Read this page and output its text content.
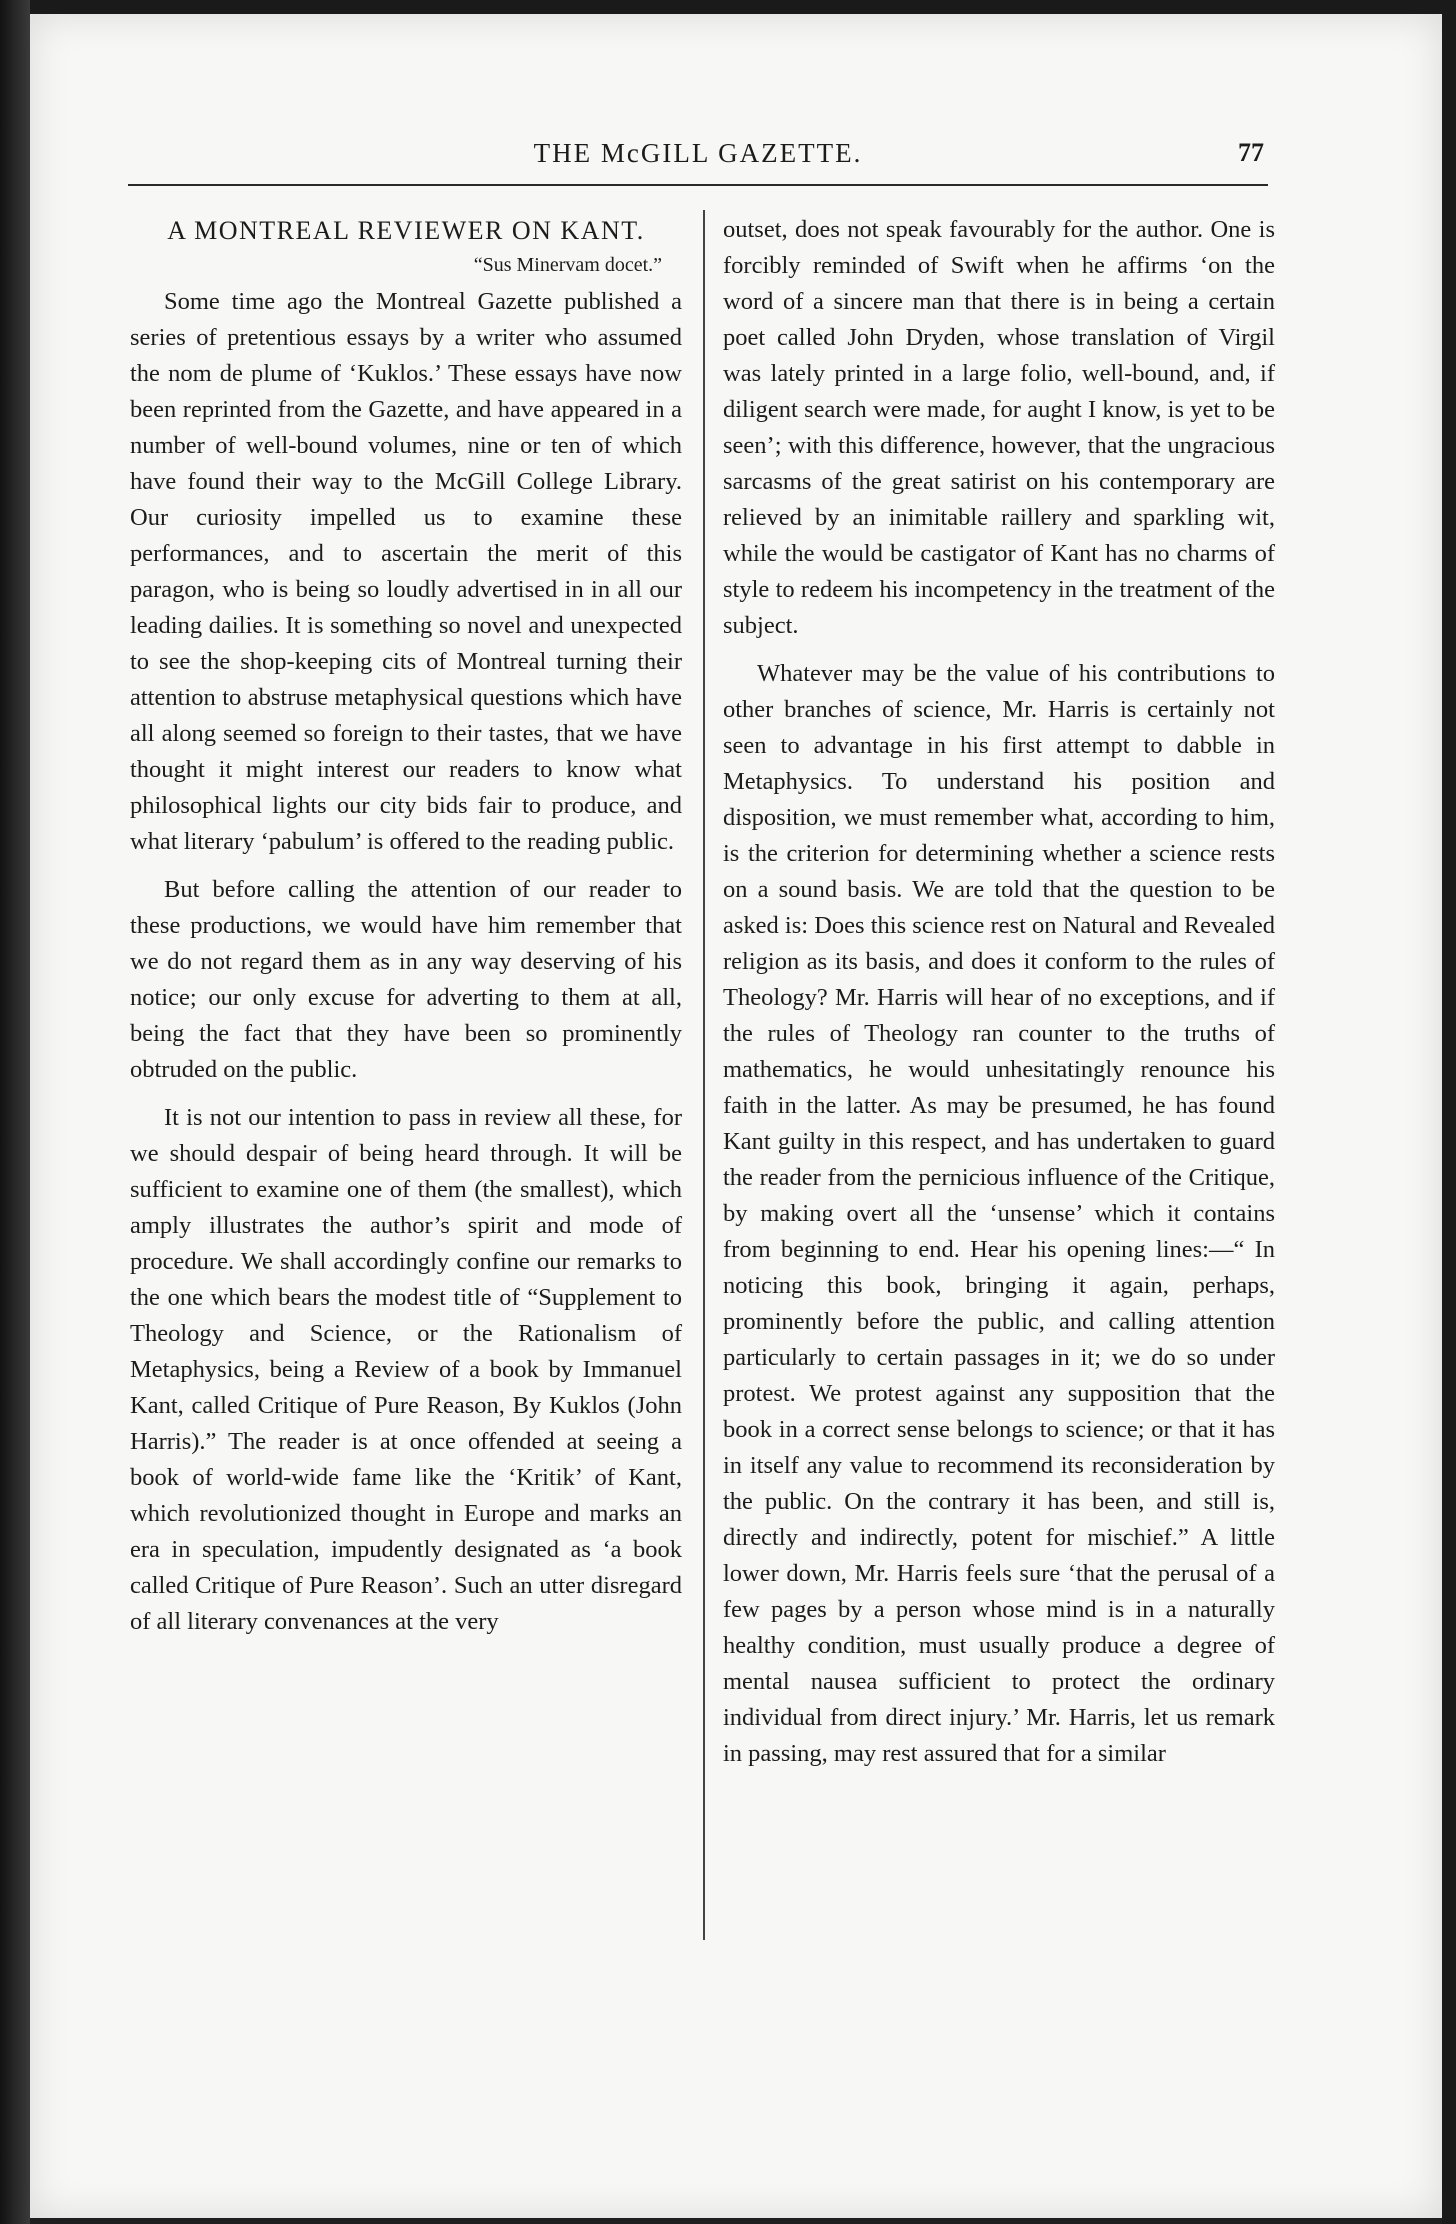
THE McGILL GAZETTE.	77
A MONTREAL REVIEWER ON KANT.
“Sus Minervam docet.”

Some time ago the Montreal Gazette published a series of pretentious essays by a writer who assumed the nom de plume of ‘Kuklos.’ These essays have now been reprinted from the Gazette, and have appeared in a number of well-bound volumes, nine or ten of which have found their way to the McGill College Library. Our curiosity impelled us to examine these performances, and to ascertain the merit of this paragon, who is being so loudly advertised in in all our leading dailies. It is something so novel and unexpected to see the shop-keeping cits of Montreal turning their attention to abstruse metaphysical questions which have all along seemed so foreign to their tastes, that we have thought it might interest our readers to know what philosophical lights our city bids fair to produce, and what literary ‘pabulum’ is offered to the reading public.

But before calling the attention of our reader to these productions, we would have him remember that we do not regard them as in any way deserving of his notice; our only excuse for adverting to them at all, being the fact that they have been so prominently obtruded on the public.

It is not our intention to pass in review all these, for we should despair of being heard through. It will be sufficient to examine one of them (the smallest), which amply illustrates the author’s spirit and mode of procedure. We shall accordingly confine our remarks to the one which bears the modest title of “Supplement to Theology and Science, or the Rationalism of Metaphysics, being a Review of a book by Immanuel Kant, called Critique of Pure Reason, By Kuklos (John Harris).” The reader is at once offended at seeing a book of world-wide fame like the ‘Kritik’ of Kant, which revolutionized thought in Europe and marks an era in speculation, impudently designated as ‘a book called Critique of Pure Reason’. Such an utter disregard of all literary convenances at the very

outset, does not speak favourably for the author. One is forcibly reminded of Swift when he affirms ‘on the word of a sincere man that there is in being a certain poet called John Dryden, whose translation of Virgil was lately printed in a large folio, well-bound, and, if diligent search were made, for aught I know, is yet to be seen’; with this difference, however, that the ungracious sarcasms of the great satirist on his contemporary are relieved by an inimitable raillery and sparkling wit, while the would be castigator of Kant has no charms of style to redeem his incompetency in the treatment of the subject.

Whatever may be the value of his contributions to other branches of science, Mr. Harris is certainly not seen to advantage in his first attempt to dabble in Metaphysics. To understand his position and disposition, we must remember what, according to him, is the criterion for determining whether a science rests on a sound basis. We are told that the question to be asked is: Does this science rest on Natural and Revealed religion as its basis, and does it conform to the rules of Theology? Mr. Harris will hear of no exceptions, and if the rules of Theology ran counter to the truths of mathematics, he would unhesitatingly renounce his faith in the latter. As may be presumed, he has found Kant guilty in this respect, and has undertaken to guard the reader from the pernicious influence of the Critique, by making overt all the ‘unsense’ which it contains from beginning to end. Hear his opening lines:—“ In noticing this book, bringing it again, perhaps, prominently before the public, and calling attention particularly to certain passages in it; we do so under protest. We protest against any supposition that the book in a correct sense belongs to science; or that it has in itself any value to recommend its reconsideration by the public. On the contrary it has been, and still is, directly and indirectly, potent for mischief.” A little lower down, Mr. Harris feels sure ‘that the perusal of a few pages by a person whose mind is in a naturally healthy condition, must usually produce a degree of mental nausea sufficient to protect the ordinary individual from direct injury.’ Mr. Harris, let us remark in passing, may rest assured that for a similar
